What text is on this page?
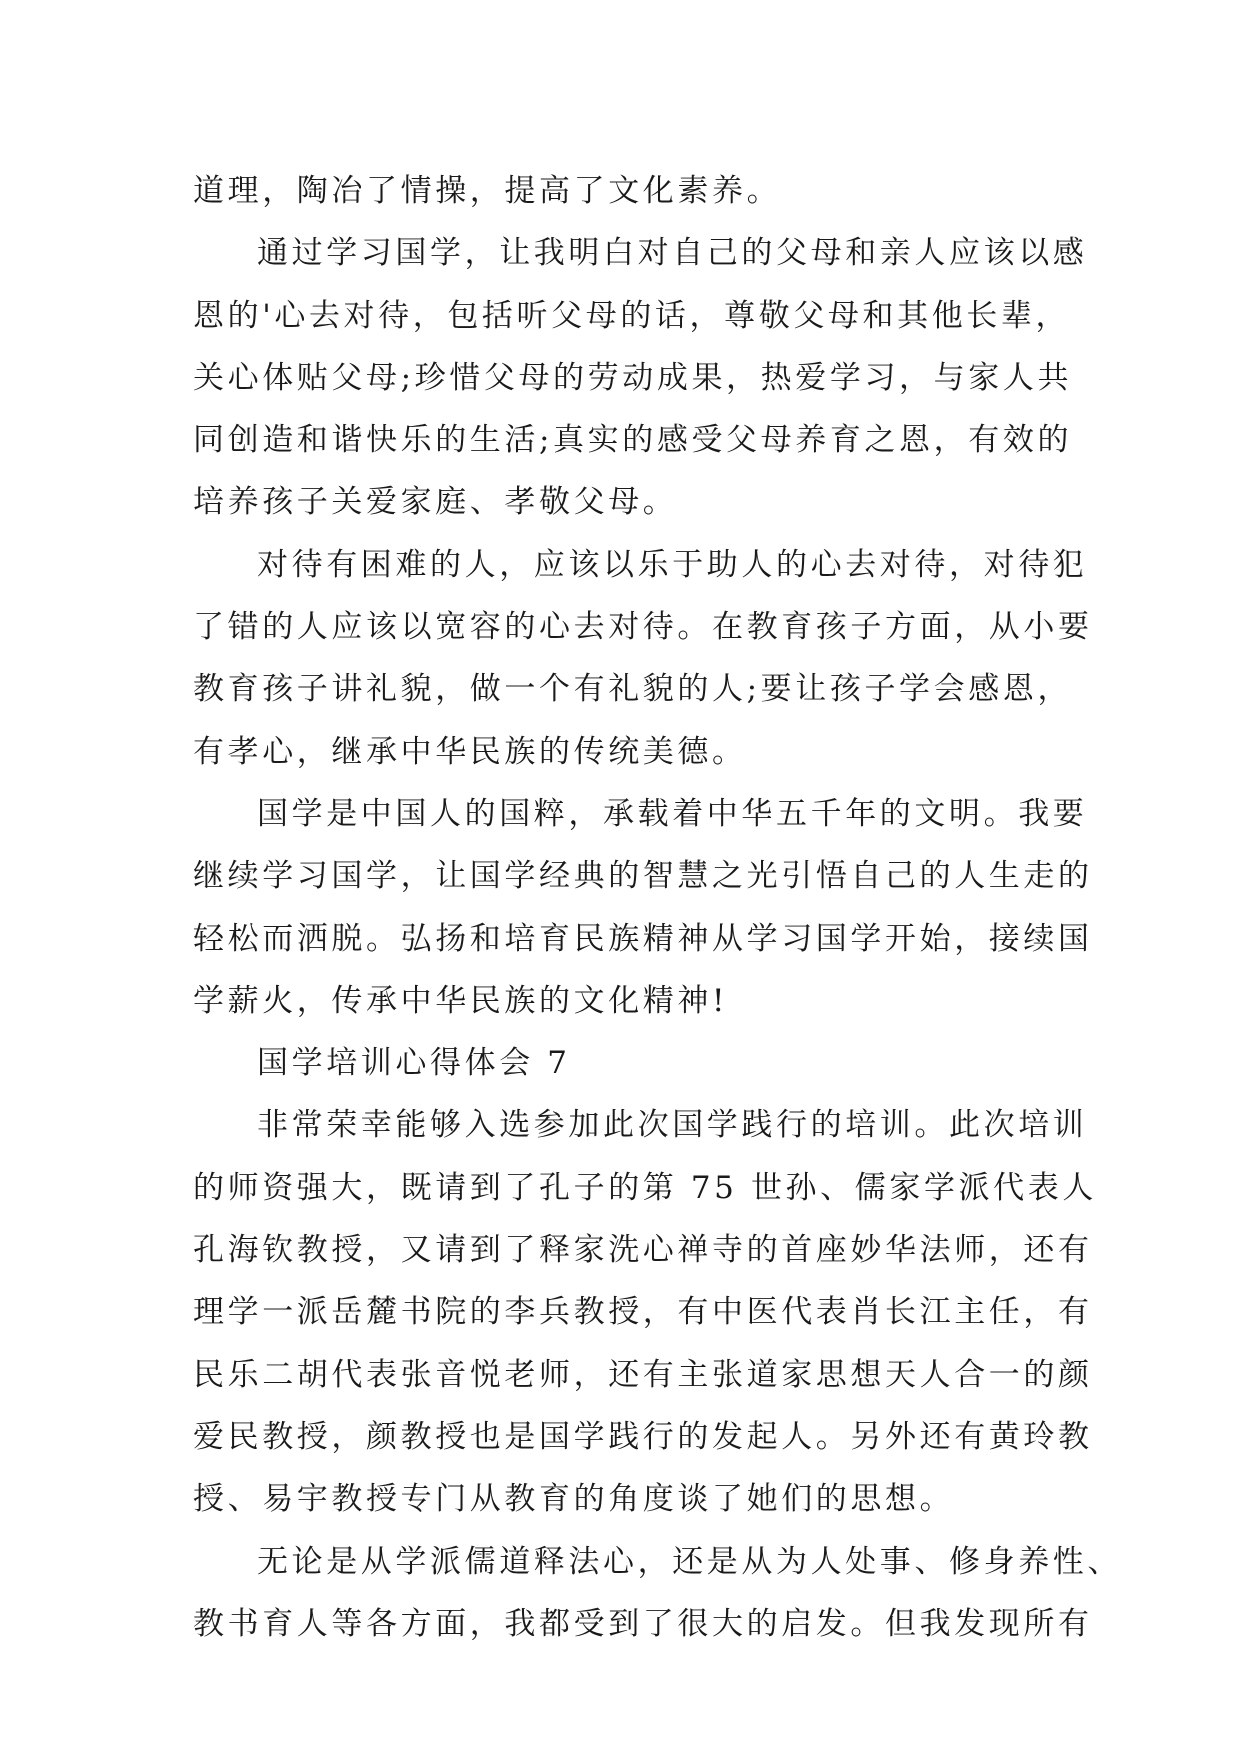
道理，陶冶了情操，提高了文化素养。
通过学习国学，让我明白对自己的父母和亲人应该以感
恩的'心去对待，包括听父母的话，尊敬父母和其他长辈，
关心体贴父母;珍惜父母的劳动成果，热爱学习，与家人共
同创造和谐快乐的生活;真实的感受父母养育之恩，有效的
培养孩子关爱家庭、孝敬父母。
对待有困难的人，应该以乐于助人的心去对待，对待犯
了错的人应该以宽容的心去对待。在教育孩子方面，从小要
教育孩子讲礼貌，做一个有礼貌的人;要让孩子学会感恩，
有孝心，继承中华民族的传统美德。
国学是中国人的国粹，承载着中华五千年的文明。我要
继续学习国学，让国学经典的智慧之光引悟自己的人生走的
轻松而洒脱。弘扬和培育民族精神从学习国学开始，接续国
学薪火，传承中华民族的文化精神!
国学培训心得体会 7
非常荣幸能够入选参加此次国学践行的培训。此次培训
的师资强大，既请到了孔子的第 75 世孙、儒家学派代表人
孔海钦教授，又请到了释家洗心禅寺的首座妙华法师，还有
理学一派岳麓书院的李兵教授，有中医代表肖长江主任，有
民乐二胡代表张音悦老师，还有主张道家思想天人合一的颜
爱民教授，颜教授也是国学践行的发起人。另外还有黄玲教
授、易宇教授专门从教育的角度谈了她们的思想。
无论是从学派儒道释法心，还是从为人处事、修身养性、
教书育人等各方面，我都受到了很大的启发。但我发现所有
